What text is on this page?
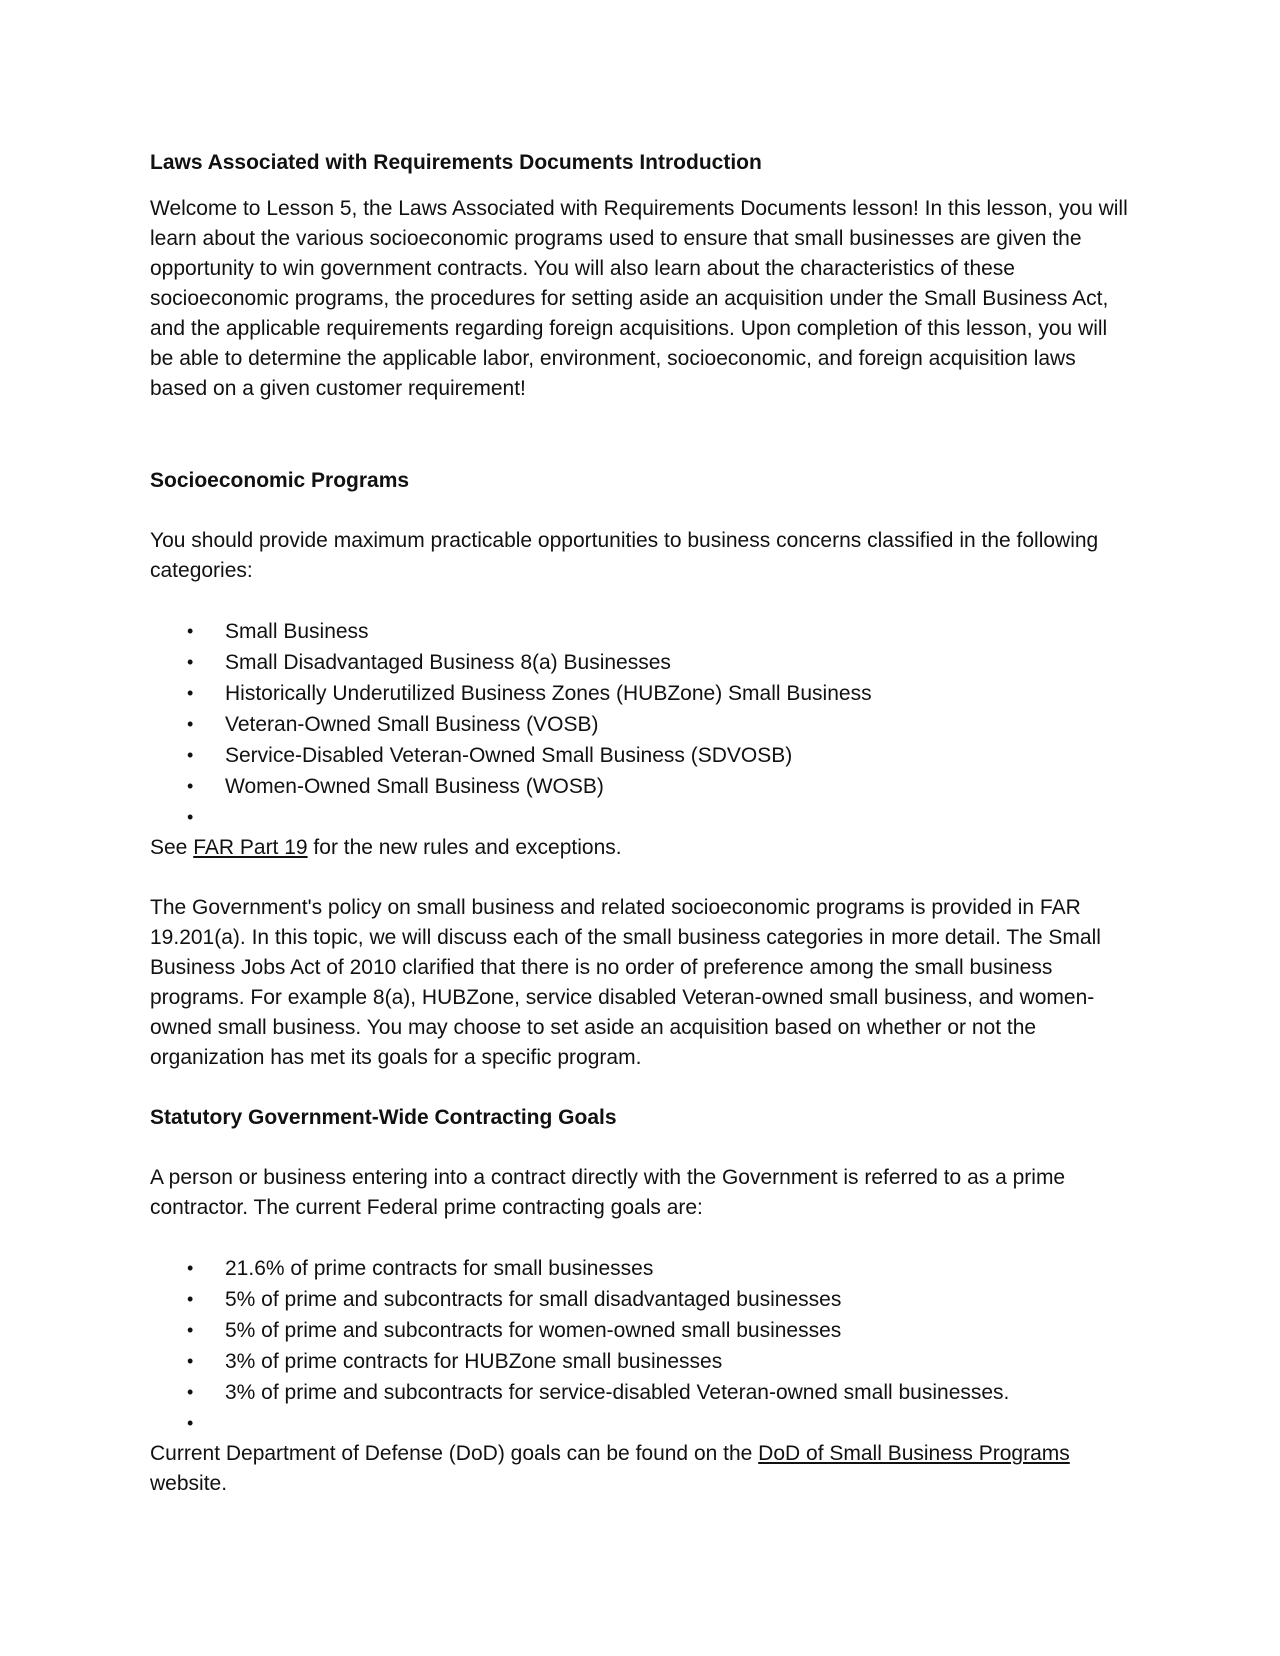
Laws Associated with Requirements Documents Introduction

Welcome to Lesson 5, the Laws Associated with Requirements Documents lesson! In this lesson, you will learn about the various socioeconomic programs used to ensure that small businesses are given the opportunity to win government contracts. You will also learn about the characteristics of these socioeconomic programs, the procedures for setting aside an acquisition under the Small Business Act, and the applicable requirements regarding foreign acquisitions. Upon completion of this lesson, you will be able to determine the applicable labor, environment, socioeconomic, and foreign acquisition laws based on a given customer requirement!

Socioeconomic Programs

You should provide maximum practicable opportunities to business concerns classified in the following categories:

• Small Business
• Small Disadvantaged Business 8(a) Businesses
• Historically Underutilized Business Zones (HUBZone) Small Business
• Veteran-Owned Small Business (VOSB)
• Service-Disabled Veteran-Owned Small Business (SDVOSB)
• Women-Owned Small Business (WOSB)
•

See FAR Part 19 for the new rules and exceptions.

The Government's policy on small business and related socioeconomic programs is provided in FAR 19.201(a). In this topic, we will discuss each of the small business categories in more detail. The Small Business Jobs Act of 2010 clarified that there is no order of preference among the small business programs. For example 8(a), HUBZone, service disabled Veteran-owned small business, and women-owned small business. You may choose to set aside an acquisition based on whether or not the organization has met its goals for a specific program.

Statutory Government-Wide Contracting Goals

A person or business entering into a contract directly with the Government is referred to as a prime contractor. The current Federal prime contracting goals are:

• 21.6% of prime contracts for small businesses
• 5% of prime and subcontracts for small disadvantaged businesses
• 5% of prime and subcontracts for women-owned small businesses
• 3% of prime contracts for HUBZone small businesses
• 3% of prime and subcontracts for service-disabled Veteran-owned small businesses.
•

Current Department of Defense (DoD) goals can be found on the DoD of Small Business Programs website.
